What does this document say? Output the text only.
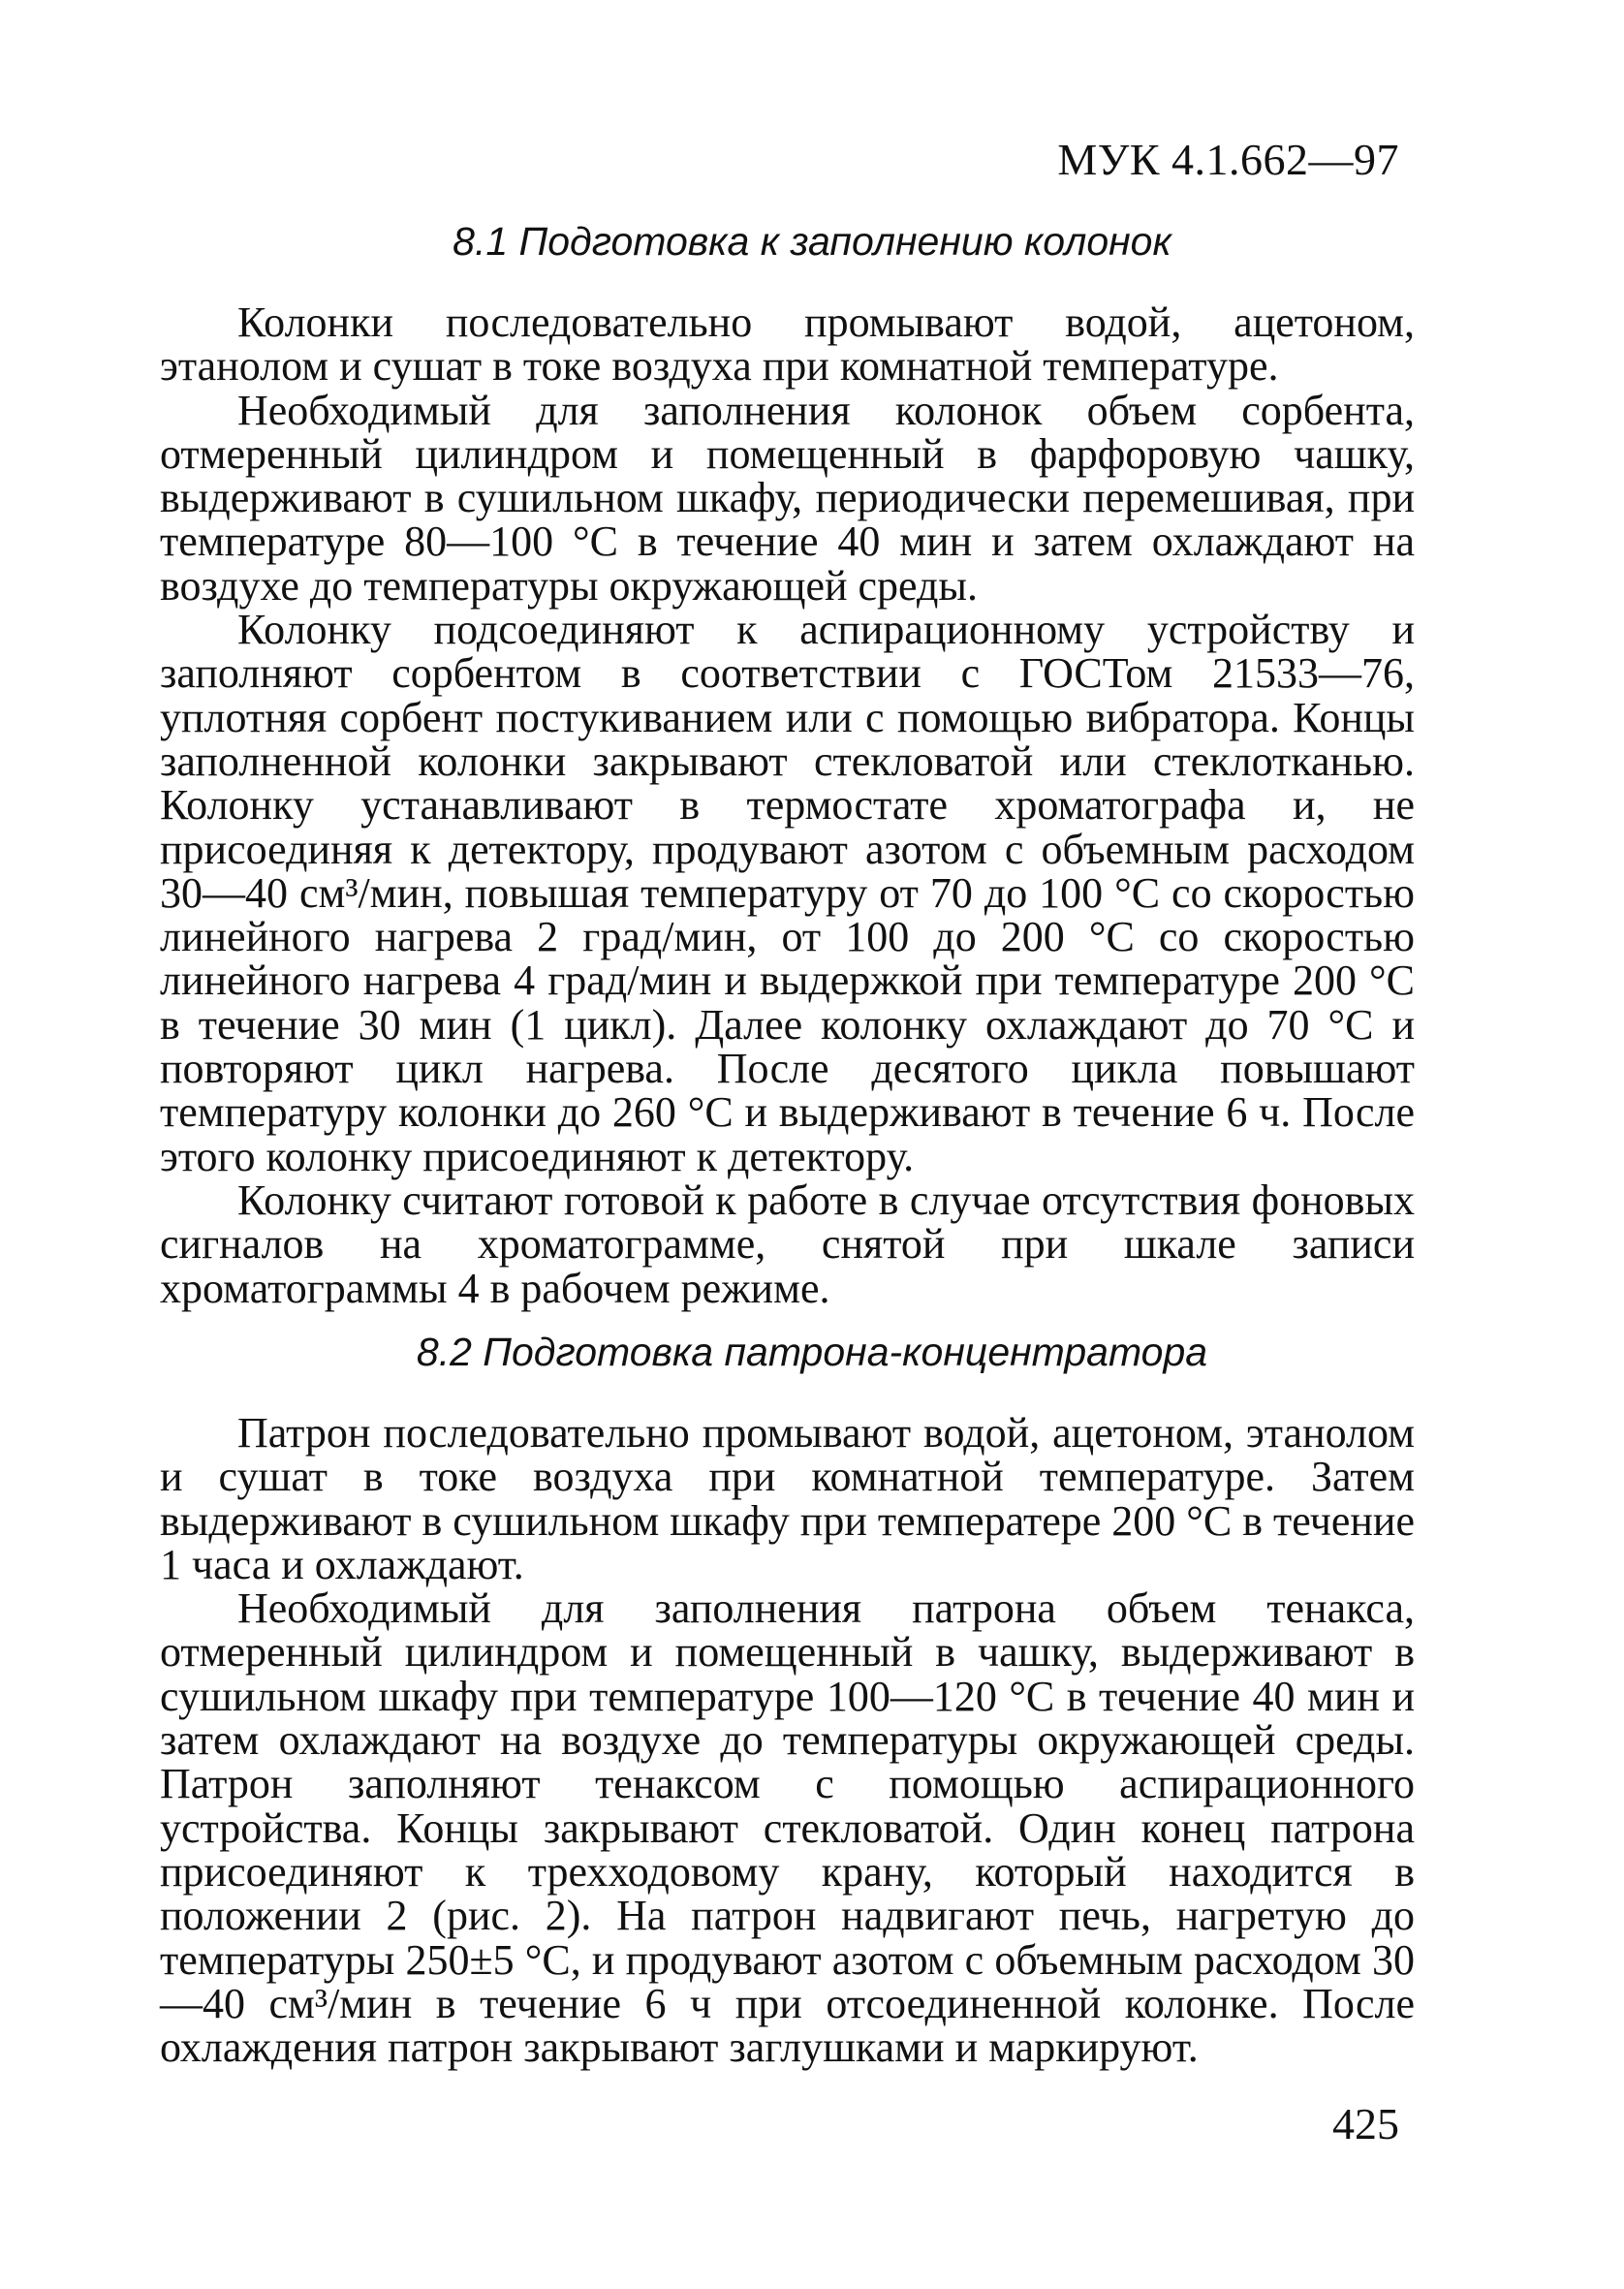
МУК 4.1.662—97
8.1 Подготовка к заполнению колонок

Колонки последовательно промывают водой, ацетоном, этанолом и сушат в токе воздуха при комнатной температуре.

Необходимый для заполнения колонок объем сорбента, отмеренный цилиндром и помещенный в фарфоровую чашку, выдерживают в сушильном шкафу, периодически перемешивая, при температуре 80—100 °С в течение 40 мин и затем охлаждают на воздухе до температуры окружающей среды.

Колонку подсоединяют к аспирационному устройству и заполняют сорбентом в соответствии с ГОСТом 21533—76, уплотняя сорбент постукиванием или с помощью вибратора. Концы заполненной колонки закрывают стекловатой или стеклотканью. Колонку устанавливают в термостате хроматографа и, не присоединяя к детектору, продувают азотом с объемным расходом 30—40 см³/мин, повышая температуру от 70 до 100 °С со скоростью линейного нагрева 2 град/мин, от 100 до 200 °С со скоростью линейного нагрева 4 град/мин и выдержкой при температуре 200 °С в течение 30 мин (1 цикл). Далее колонку охлаждают до 70 °С и повторяют цикл нагрева. После десятого цикла повышают температуру колонки до 260 °С и выдерживают в течение 6 ч. После этого колонку присоединяют к детектору.

Колонку считают готовой к работе в случае отсутствия фоновых сигналов на хроматограмме, снятой при шкале записи хроматограммы 4 в рабочем режиме.

8.2 Подготовка патрона-концентратора

Патрон последовательно промывают водой, ацетоном, этанолом и сушат в токе воздуха при комнатной температуре. Затем выдерживают в сушильном шкафу при температере 200 °С в течение 1 часа и охлаждают.

Необходимый для заполнения патрона объем тенакса, отмеренный цилиндром и помещенный в чашку, выдерживают в сушильном шкафу при температуре 100—120 °С в течение 40 мин и затем охлаждают на воздухе до температуры окружающей среды. Патрон заполняют тенаксом с помощью аспирационного устройства. Концы закрывают стекловатой. Один конец патрона присоединяют к трехходовому крану, который находится в положении 2 (рис. 2). На патрон надвигают печь, нагретую до температуры 250±5 °С, и продувают азотом с объемным расходом 30—40 см³/мин в течение 6 ч при отсоединенной колонке. После охлаждения патрон закрывают заглушками и маркируют.

425
